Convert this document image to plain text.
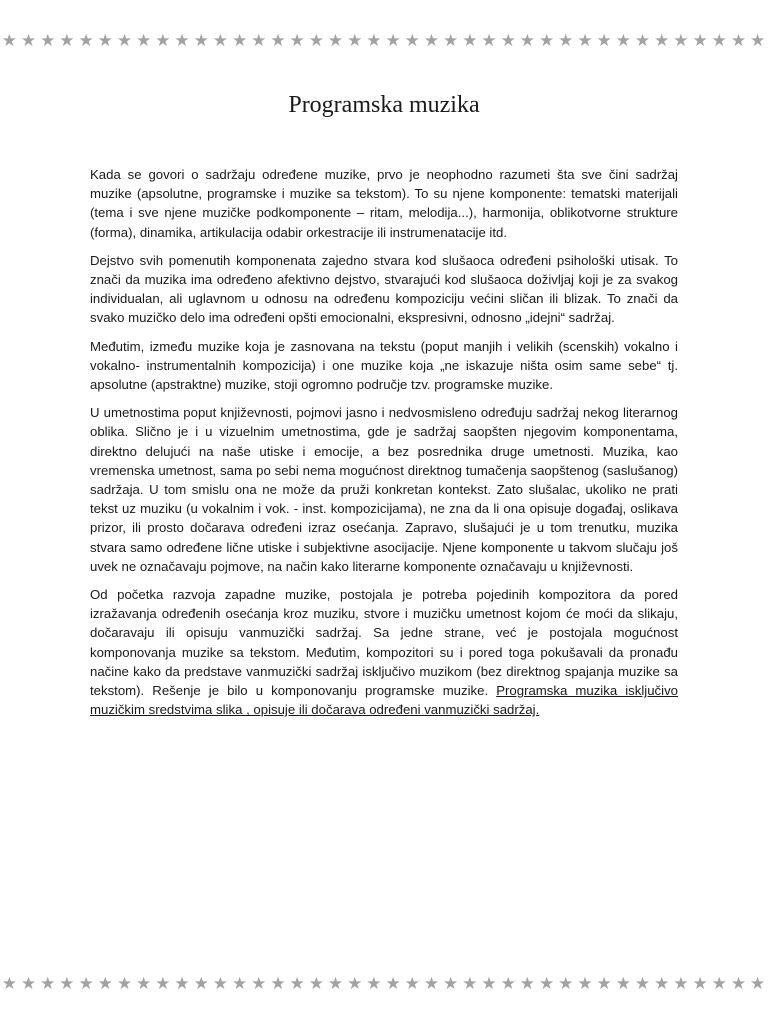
★ ★ ★ ★ ★ ★ ★ ★ ★ ★ ★ ★ ★ ★ ★ ★ ★ ★ ★ ★ ★ ★ ★ ★ ★ ★ ★ ★ ★ ★ ★ ★ ★ ★ ★ ★ ★ ★ ★ ★
Programska muzika

Kada se govori o sadržaju određene muzike, prvo je neophodno razumeti šta sve čini sadržaj muzike (apsolutne, programske i muzike sa tekstom). To su njene komponente: tematski materijali (tema i sve njene muzičke podkomponente – ritam, melodija...), harmonija, oblikotvorne strukture (forma), dinamika, artikulacija odabir orkestracije ili instrumenatacije itd.

Dejstvo svih pomenutih komponenata zajedno stvara kod slušaoca određeni psihološki utisak. To znači da muzika ima određeno afektivno dejstvo, stvarajući kod slušaoca doživljaj koji je za svakog individualan, ali uglavnom u odnosu na određenu kompoziciju većini sličan ili blizak. To znači da svako muzičko delo ima određeni opšti emocionalni, ekspresivni, odnosno „idejni“ sadržaj.

Međutim, između muzike koja je zasnovana na tekstu (poput manjih i velikih (scenskih) vokalno i vokalno- instrumentalnih kompozicija) i one muzike koja „ne iskazuje ništa osim same sebe“ tj. apsolutne (apstraktne) muzike, stoji ogromno područje tzv. programske muzike.

U umetnostima poput književnosti, pojmovi jasno i nedvosmisleno određuju sadržaj nekog literarnog oblika. Slično je i u vizuelnim umetnostima, gde je sadržaj saopšten njegovim komponentama, direktno delujući na naše utiske i emocije, a bez posrednika druge umetnosti. Muzika, kao vremenska umetnost, sama po sebi nema mogućnost direktnog tumačenja saopštenog (saslušanog) sadržaja. U tom smislu ona ne može da pruži konkretan kontekst. Zato slušalac, ukoliko ne prati tekst uz muziku (u vokalnim i vok. - inst. kompozicijama), ne zna da li ona opisuje događaj, oslikava prizor, ili prosto dočarava određeni izraz osećanja. Zapravo, slušajući je u tom trenutku, muzika stvara samo određene lične utiske i subjektivne asocijacije. Njene komponente u takvom slučaju još uvek ne označavaju pojmove, na način kako literarne komponente označavaju u književnosti.

Od početka razvoja zapadne muzike, postojala je potreba pojedinih kompozitora da pored izražavanja određenih osećanja kroz muziku, stvore i muzičku umetnost kojom će moći da slikaju, dočaravaju ili opisuju vanmuzički sadržaj. Sa jedne strane, već je postojala mogućnost komponovanja muzike sa tekstom. Međutim, kompozitori su i pored toga pokušavali da pronađu načine kako da predstave vanmuzički sadržaj isključivo muzikom (bez direktnog spajanja muzike sa tekstom). Rešenje je bilo u komponovanju programske muzike. Programska muzika isključivo muzičkim sredstvima slika , opisuje ili dočarava određeni vanmuzički sadržaj.

★ ★ ★ ★ ★ ★ ★ ★ ★ ★ ★ ★ ★ ★ ★ ★ ★ ★ ★ ★ ★ ★ ★ ★ ★ ★ ★ ★ ★ ★ ★ ★ ★ ★ ★ ★ ★ ★ ★ ★
